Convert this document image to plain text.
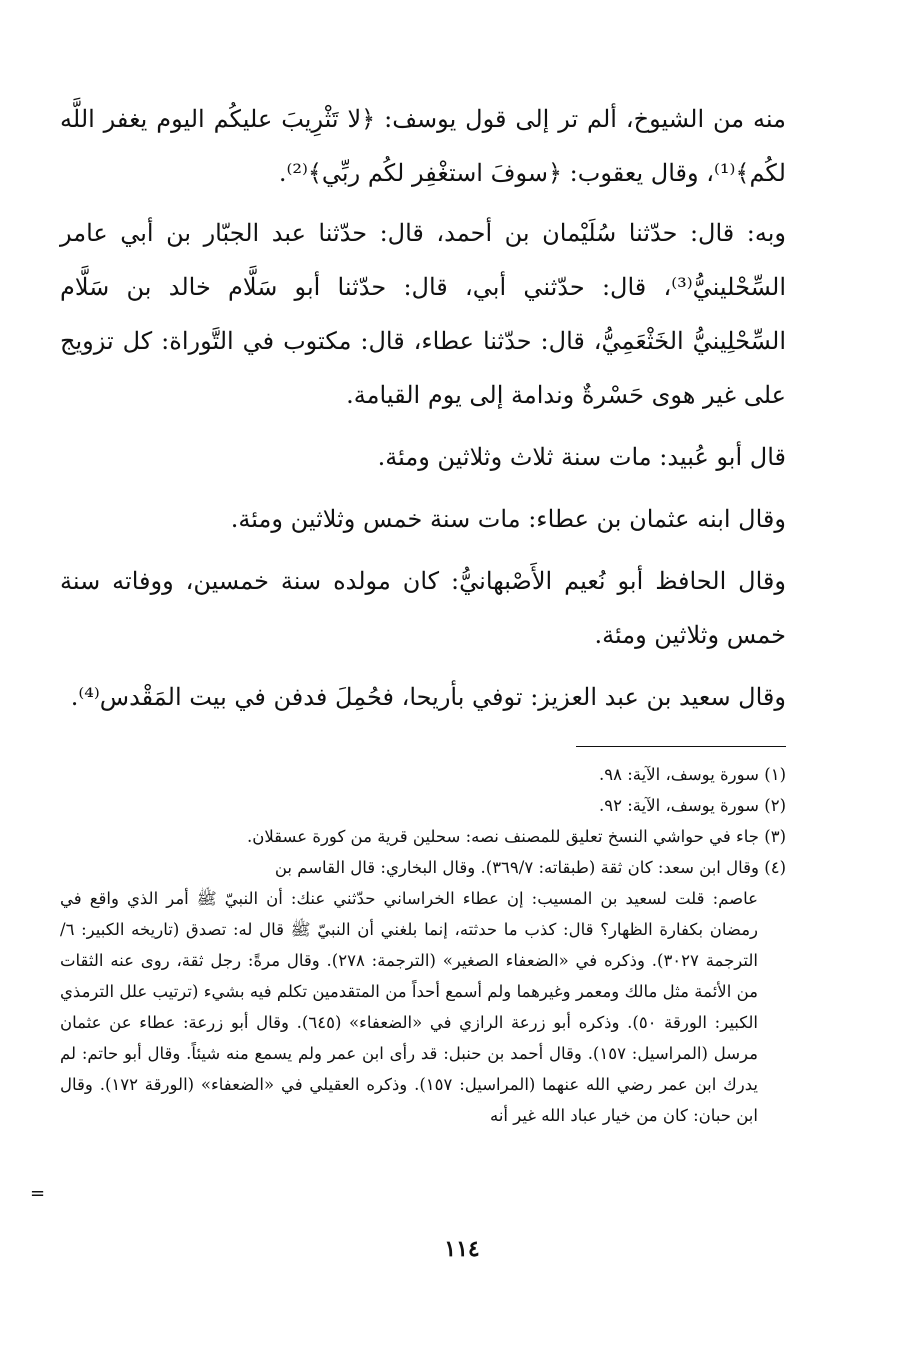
منه من الشيوخ، ألم تر إلى قول يوسف: ﴿لا تَثْرِيبَ عليكُم اليوم يغفر اللَّه لكُم﴾⁽¹⁾، وقال يعقوب: ﴿سوفَ استغْفِر لكُم ربِّي﴾⁽²⁾.

وبه: قال: حدّثنا سُلَيْمان بن أحمد، قال: حدّثنا عبد الجبّار بن أبي عامر السِّحْلينيُّ⁽³⁾، قال: حدّثني أبي، قال: حدّثنا أبو سَلَّام خالد بن سَلَّام السِّحْلِينيُّ الخَثْعَمِيُّ، قال: حدّثنا عطاء، قال: مكتوب في التَّوراة: كل تزويج على غير هوى حَسْرةٌ وندامة إلى يوم القيامة.

قال أبو عُبيد: مات سنة ثلاث وثلاثين ومئة.

وقال ابنه عثمان بن عطاء: مات سنة خمس وثلاثين ومئة.

وقال الحافظ أبو نُعيم الأَصْبهانيُّ: كان مولده سنة خمسين، ووفاته سنة خمس وثلاثين ومئة.

وقال سعيد بن عبد العزيز: توفي بأريحا، فحُمِلَ فدفن في بيت المَقْدس⁽⁴⁾.

(١) سورة يوسف، الآية: ٩٨.

(٢) سورة يوسف، الآية: ٩٢.

(٣) جاء في حواشي النسخ تعليق للمصنف نصه: سحلين قرية من كورة عسقلان.

(٤) وقال ابن سعد: كان ثقة (طبقاته: ٣٦٩/٧). وقال البخاري: قال القاسم بن

عاصم: قلت لسعيد بن المسيب: إن عطاء الخراساني حدّثني عنك: أن النبيّ ﷺ أمر الذي واقع في رمضان بكفارة الظهار؟ قال: كذب ما حدثته، إنما بلغني أن النبيّ ﷺ قال له: تصدق (تاريخه الكبير: ٦/الترجمة ٣٠٢٧). وذكره في «الضعفاء الصغير» (الترجمة: ٢٧٨). وقال مرةً: رجل ثقة، روى عنه الثقات من الأئمة مثل مالك ومعمر وغيرهما ولم أسمع أحداً من المتقدمين تكلم فيه بشيء (ترتيب علل الترمذي الكبير: الورقة ٥٠). وذكره أبو زرعة الرازي في «الضعفاء» (٦٤٥). وقال أبو زرعة: عطاء عن عثمان مرسل (المراسيل: ١٥٧). وقال أحمد بن حنبل: قد رأى ابن عمر ولم يسمع منه شيئاً. وقال أبو حاتم: لم يدرك ابن عمر رضي الله عنهما (المراسيل: ١٥٧). وذكره العقيلي في «الضعفاء» (الورقة ١٧٢). وقال ابن حبان: كان من خيار عباد الله غير أنه

=
١١٤
